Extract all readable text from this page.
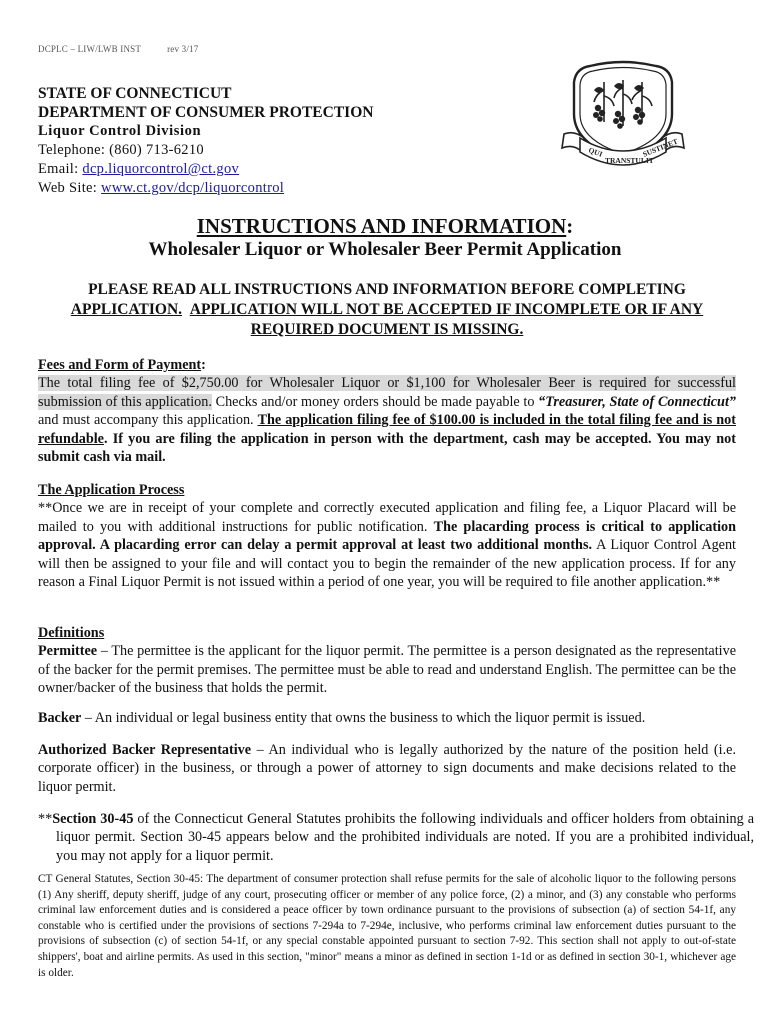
DCPLC – LIW/LWB INST	rev 3/17
QUI
TRANSTULIT
SUSTINET
STATE OF CONNECTICUT
DEPARTMENT OF CONSUMER PROTECTION
Liquor Control Division
Telephone: (860) 713-6210
Email: dcp.liquorcontrol@ct.gov
Web Site: www.ct.gov/dcp/liquorcontrol
INSTRUCTIONS AND INFORMATION:
Wholesaler Liquor or Wholesaler Beer Permit Application
PLEASE READ ALL INSTRUCTIONS AND INFORMATION BEFORE COMPLETING
APPLICATION. APPLICATION WILL NOT BE ACCEPTED IF INCOMPLETE OR IF ANY
REQUIRED DOCUMENT IS MISSING.
Fees and Form of Payment:
The total filing fee of $2,750.00 for Wholesaler Liquor or $1,100 for Wholesaler Beer is required for successful submission of this application. Checks and/or money orders should be made payable to “Treasurer, State of Connecticut” and must accompany this application. The application filing fee of $100.00 is included in the total filing fee and is not refundable. If you are filing the application in person with the department, cash may be accepted. You may not submit cash via mail.
The Application Process
**Once we are in receipt of your complete and correctly executed application and filing fee, a Liquor Placard will be mailed to you with additional instructions for public notification. The placarding process is critical to application approval. A placarding error can delay a permit approval at least two additional months. A Liquor Control Agent will then be assigned to your file and will contact you to begin the remainder of the new application process. If for any reason a Final Liquor Permit is not issued within a period of one year, you will be required to file another application.**
Definitions
Permittee – The permittee is the applicant for the liquor permit. The permittee is a person designated as the representative of the backer for the permit premises. The permittee must be able to read and understand English. The permittee can be the owner/backer of the business that holds the permit.
Backer – An individual or legal business entity that owns the business to which the liquor permit is issued.
Authorized Backer Representative – An individual who is legally authorized by the nature of the position held (i.e. corporate officer) in the business, or through a power of attorney to sign documents and make decisions related to the liquor permit.
**Section 30-45 of the Connecticut General Statutes prohibits the following individuals and officer holders from obtaining a liquor permit. Section 30-45 appears below and the prohibited individuals are noted. If you are a prohibited individual, you may not apply for a liquor permit.
CT General Statutes, Section 30-45: The department of consumer protection shall refuse permits for the sale of alcoholic liquor to the following persons (1) Any sheriff, deputy sheriff, judge of any court, prosecuting officer or member of any police force, (2) a minor, and (3) any constable who performs criminal law enforcement duties and is considered a peace officer by town ordinance pursuant to the provisions of subsection (a) of section 54-1f, any constable who is certified under the provisions of sections 7-294a to 7-294e, inclusive, who performs criminal law enforcement duties pursuant to the provisions of subsection (c) of section 54-1f, or any special constable appointed pursuant to section 7-92. This section shall not apply to out-of-state shippers', boat and airline permits. As used in this section, "minor" means a minor as defined in section 1-1d or as defined in section 30-1, whichever age is older.
